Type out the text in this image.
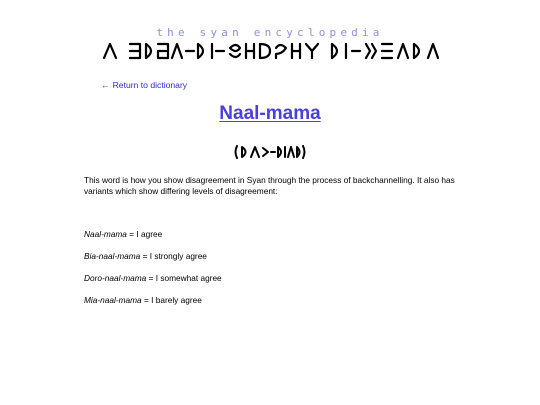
the syan encyclopedia
← Return to dictionary
Naal-mama

This word is how you show disagreement in Syan through the process of backchannelling. It also has variants which show differing levels of disagreement:

Naal-mama = I agree
Bia-naal-mama = I strongly agree
Doro-naal-mama = I somewhat agree
Mia-naal-mama = I barely agree
